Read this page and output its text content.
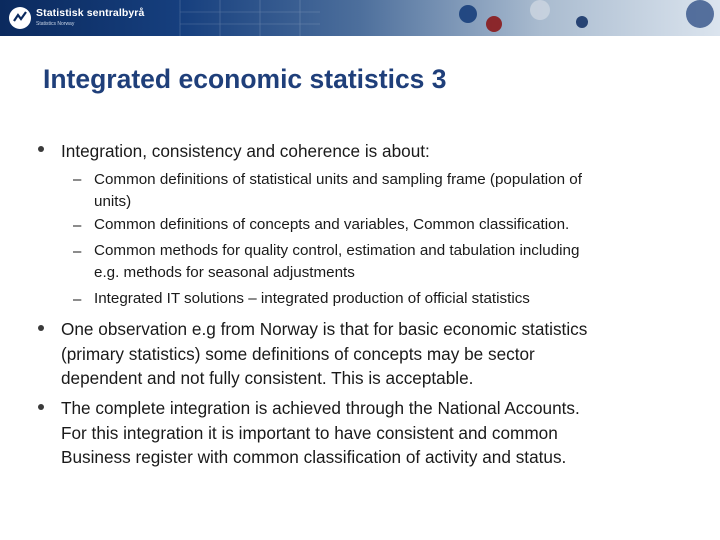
Statistisk sentralbyrå
Statistics Norway
Integrated economic statistics 3

Integration, consistency and coherence is about:

– Common definitions of statistical units and sampling frame (population of
units)

– Common definitions of concepts and variables, Common classification.

– Common methods for quality control, estimation and tabulation including
e.g. methods for seasonal adjustments

– Integrated IT solutions – integrated production of official statistics

One observation e.g from Norway is that for basic economic statistics
(primary statistics) some definitions of concepts may be sector
dependent and not fully consistent. This is acceptable.

The complete integration is achieved through the National Accounts.
For this integration it is important to have consistent and common
Business register with common classification of activity and status.
